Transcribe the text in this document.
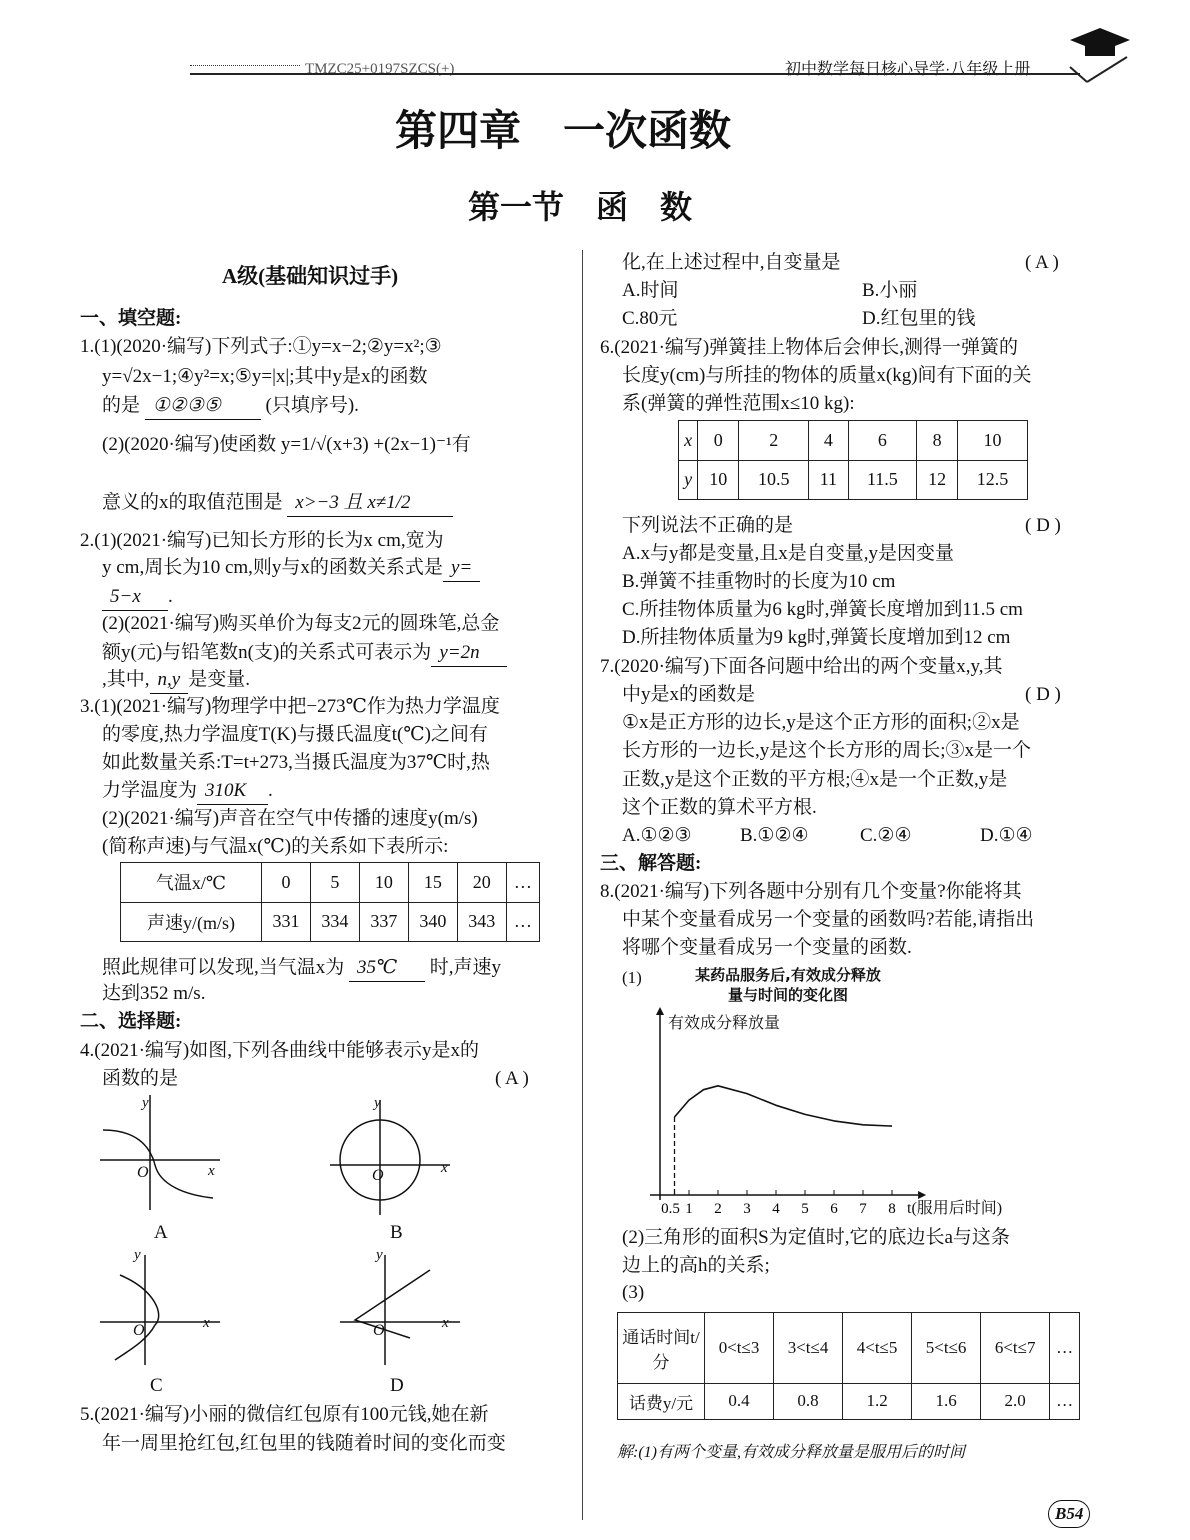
TMZC25+0197SZCS(+)	初中数学每日核心导学·八年级上册
第四章　一次函数
第一节　函　数
A级(基础知识过手)
一、填空题:
1.(1)(2020·编写)下列式子:①y=x−2;②y=x²;③
y=√2x−1;④y²=x;⑤y=|x|;其中y是x的函数
的是 ①②③⑤ (只填序号).
(2)(2020·编写)使函数 y=1/√(x+3) +(2x−1)⁻¹有
意义的x的取值范围是 x>−3 且 x≠1/2
2.(1)(2021·编写)已知长方形的长为x cm,宽为
y cm,周长为10 cm,则y与x的函数关系式是 y=
5−x .
(2)(2021·编写)购买单价为每支2元的圆珠笔,总金
额y(元)与铅笔数n(支)的关系式可表示为 y=2n
,其中, n,y 是变量.
3.(1)(2021·编写)物理学中把−273℃作为热力学温度
的零度,热力学温度T(K)与摄氏温度t(℃)之间有
如此数量关系:T=t+273,当摄氏温度为37℃时,热
力学温度为 310K .
(2)(2021·编写)声音在空气中传播的速度y(m/s)
(简称声速)与气温x(℃)的关系如下表所示:
气温x/℃	0	5	10	15	20	…
声速y/(m/s)	331	334	337	340	343	…
照此规律可以发现,当气温x为 35℃ 时,声速y
达到352 m/s.
二、选择题:
4.(2021·编写)如图,下列各曲线中能够表示y是x的
函数的是	( A )
y
x
O
A
y
x
O
B
y
x
O
C
y
x
O
D
5.(2021·编写)小丽的微信红包原有100元钱,她在新
年一周里抢红包,红包里的钱随着时间的变化而变
化,在上述过程中,自变量是	( A )
A.时间	B.小丽
C.80元	D.红包里的钱
6.(2021·编写)弹簧挂上物体后会伸长,测得一弹簧的
长度y(cm)与所挂的物体的质量x(kg)间有下面的关
系(弹簧的弹性范围x≤10 kg):
x	0	2	4	6	8	10
y	10	10.5	11	11.5	12	12.5
下列说法不正确的是	( D )
A.x与y都是变量,且x是自变量,y是因变量
B.弹簧不挂重物时的长度为10 cm
C.所挂物体质量为6 kg时,弹簧长度增加到11.5 cm
D.所挂物体质量为9 kg时,弹簧长度增加到12 cm
7.(2020·编写)下面各问题中给出的两个变量x,y,其
中y是x的函数是	( D )
①x是正方形的边长,y是这个正方形的面积;②x是
长方形的一边长,y是这个长方形的周长;③x是一个
正数,y是这个正数的平方根;④x是一个正数,y是
这个正数的算术平方根.
A.①②③	B.①②④	C.②④	D.①④
三、解答题:
8.(2021·编写)下列各题中分别有几个变量?你能将其
中某个变量看成另一个变量的函数吗?若能,请指出
将哪个变量看成另一个变量的函数.
(1)	某药品服务后,有效成分释放量与时间的变化图
0.5 1 2 3 4 5 6 7 8
有效成分释放量
t(服用后时间)
(2)三角形的面积S为定值时,它的底边长a与这条
边上的高h的关系;
(3)
通话时间t/分	0<t≤3	3<t≤4	4<t≤5	5<t≤6	6<t≤7	…
话费y/元	0.4	0.8	1.2	1.6	2.0	…
解:(1)有两个变量,有效成分释放量是服用后的时间
B54
